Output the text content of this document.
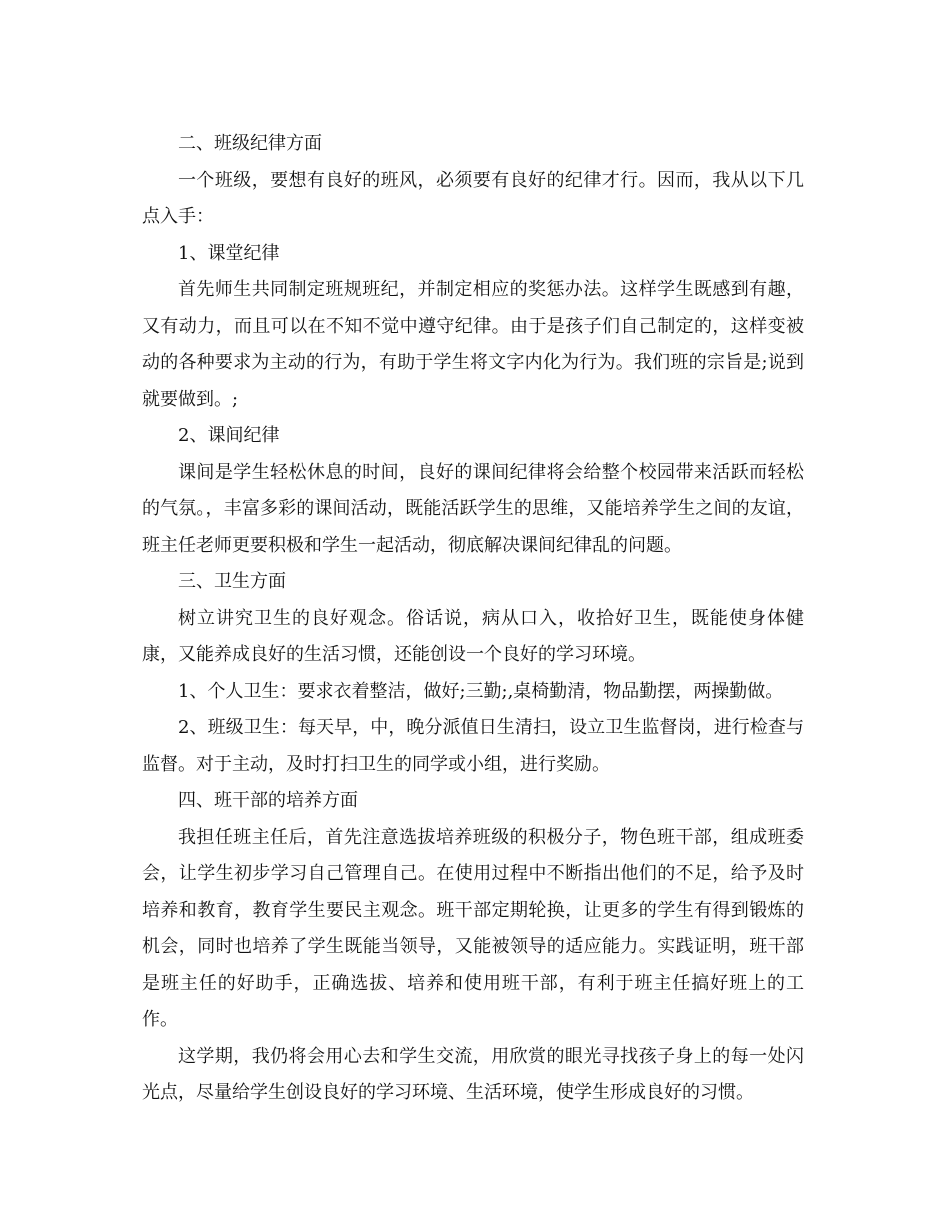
二、班级纪律方面

一个班级，要想有良好的班风，必须要有良好的纪律才行。因而，我从以下几点入手：

1、课堂纪律

首先师生共同制定班规班纪，并制定相应的奖惩办法。这样学生既感到有趣，又有动力，而且可以在不知不觉中遵守纪律。由于是孩子们自己制定的，这样变被动的各种要求为主动的行为，有助于学生将文字内化为行为。我们班的宗旨是;说到就要做到。;

2、课间纪律

课间是学生轻松休息的时间，良好的课间纪律将会给整个校园带来活跃而轻松的气氛。，丰富多彩的课间活动，既能活跃学生的思维，又能培养学生之间的友谊，班主任老师更要积极和学生一起活动，彻底解决课间纪律乱的问题。

三、卫生方面

树立讲究卫生的良好观念。俗话说，病从口入，收拾好卫生，既能使身体健康，又能养成良好的生活习惯，还能创设一个良好的学习环境。

1、个人卫生：要求衣着整洁，做好;三勤;,桌椅勤清，物品勤摆，两操勤做。

2、班级卫生：每天早，中，晚分派值日生清扫，设立卫生监督岗，进行检查与监督。对于主动，及时打扫卫生的同学或小组，进行奖励。

四、班干部的培养方面

我担任班主任后，首先注意选拔培养班级的积极分子，物色班干部，组成班委会，让学生初步学习自己管理自己。在使用过程中不断指出他们的不足，给予及时培养和教育，教育学生要民主观念。班干部定期轮换，让更多的学生有得到锻炼的机会，同时也培养了学生既能当领导，又能被领导的适应能力。实践证明，班干部是班主任的好助手，正确选拔、培养和使用班干部，有利于班主任搞好班上的工作。

这学期，我仍将会用心去和学生交流，用欣赏的眼光寻找孩子身上的每一处闪光点，尽量给学生创设良好的学习环境、生活环境，使学生形成良好的习惯。
